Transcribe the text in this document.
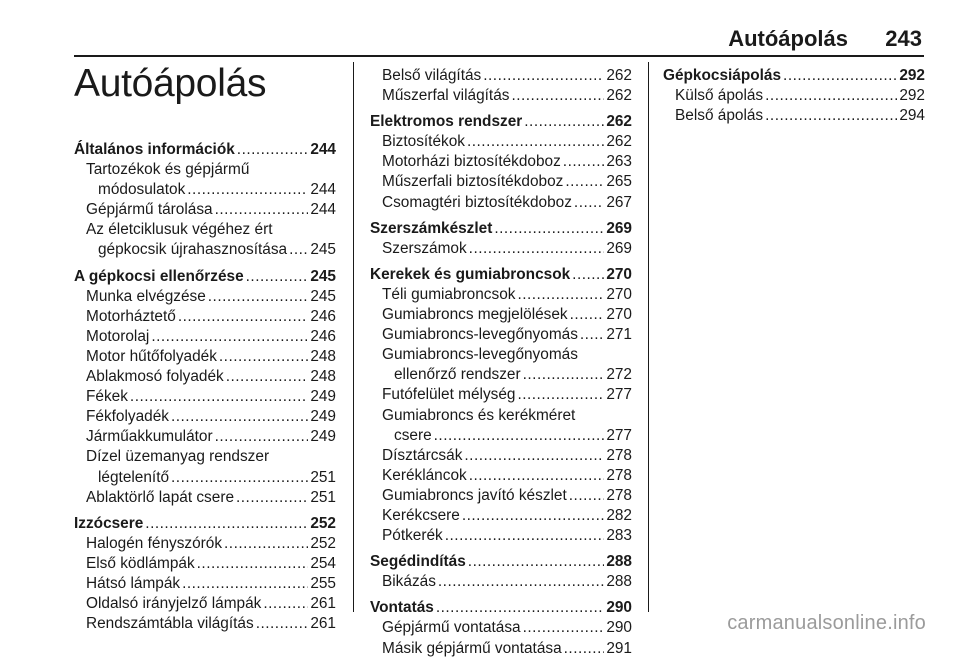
Autóápolás 243
Autóápolás
Általános információk .....	244
Tartozékok és gépjármű
módosulatok .....	244
Gépjármű tárolása .....	244
Az életciklusuk végéhez ért
gépkocsik újrahasznosítása ..... 245
A gépkocsi ellenőrzése .....	245
Munka elvégzése .....	245
Motorháztető .....	246
Motorolaj .....	246
Motor hűtőfolyadék .....	248
Ablakmosó folyadék .....	248
Fékek .....	249
Fékfolyadék .....	249
Járműakkumulátor .....	249
Dízel üzemanyag rendszer
légtelenítő .....	251
Ablaktörlő lapát csere .....	251
Izzócsere .....	252
Halogén fényszórók .....	252
Első ködlámpák .....	254
Hátsó lámpák .....	255
Oldalsó irányjelző lámpák .....	261
Rendszámtábla világítás .....	261
Belső világítás .....	262
Műszerfal világítás .....	262
Elektromos rendszer .....	262
Biztosítékok .....	262
Motorházi biztosítékdoboz .....	263
Műszerfali biztosítékdoboz .....	265
Csomagtéri biztosítékdoboz ..... 267
Szerszámkészlet .....	269
Szerszámok .....	269
Kerekek és gumiabroncsok ..... 270
Téli gumiabroncsok .....	270
Gumiabroncs megjelölések .....	270
Gumiabroncs-levegőnyomás ..... 271
Gumiabroncs-levegőnyomás
ellenőrző rendszer .....	272
Futófelület mélység .....	277
Gumiabroncs és kerékméret
csere .....	277
Dísztárcsák .....	278
Kerékláncok .....	278
Gumiabroncs javító készlet .....	278
Kerékcsere .....	282
Pótkerék .....	283
Segédindítás .....	288
Bikázás .....	288
Vontatás .....	290
Gépjármű vontatása .....	290
Másik gépjármű vontatása .....	291
Gépkocsiápolás .....	292
Külső ápolás .....	292
Belső ápolás .....	294
carmanualsonline.info
